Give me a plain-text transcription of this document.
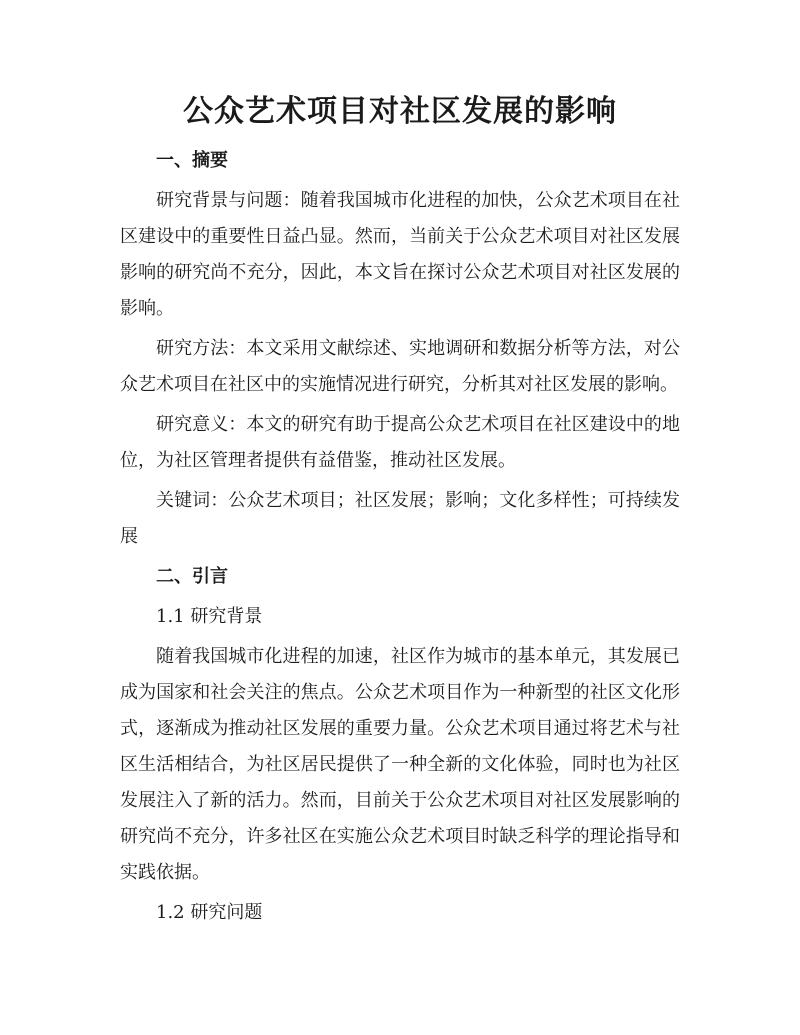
公众艺术项目对社区发展的影响
一、摘要

研究背景与问题：随着我国城市化进程的加快，公众艺术项目在社区建设中的重要性日益凸显。然而，当前关于公众艺术项目对社区发展影响的研究尚不充分，因此，本文旨在探讨公众艺术项目对社区发展的影响。

研究方法：本文采用文献综述、实地调研和数据分析等方法，对公众艺术项目在社区中的实施情况进行研究，分析其对社区发展的影响。

研究意义：本文的研究有助于提高公众艺术项目在社区建设中的地位，为社区管理者提供有益借鉴，推动社区发展。

关键词：公众艺术项目；社区发展；影响；文化多样性；可持续发展

二、引言

1.1 研究背景

随着我国城市化进程的加速，社区作为城市的基本单元，其发展已成为国家和社会关注的焦点。公众艺术项目作为一种新型的社区文化形式，逐渐成为推动社区发展的重要力量。公众艺术项目通过将艺术与社区生活相结合，为社区居民提供了一种全新的文化体验，同时也为社区发展注入了新的活力。然而，目前关于公众艺术项目对社区发展影响的研究尚不充分，许多社区在实施公众艺术项目时缺乏科学的理论指导和实践依据。

1.2 研究问题
